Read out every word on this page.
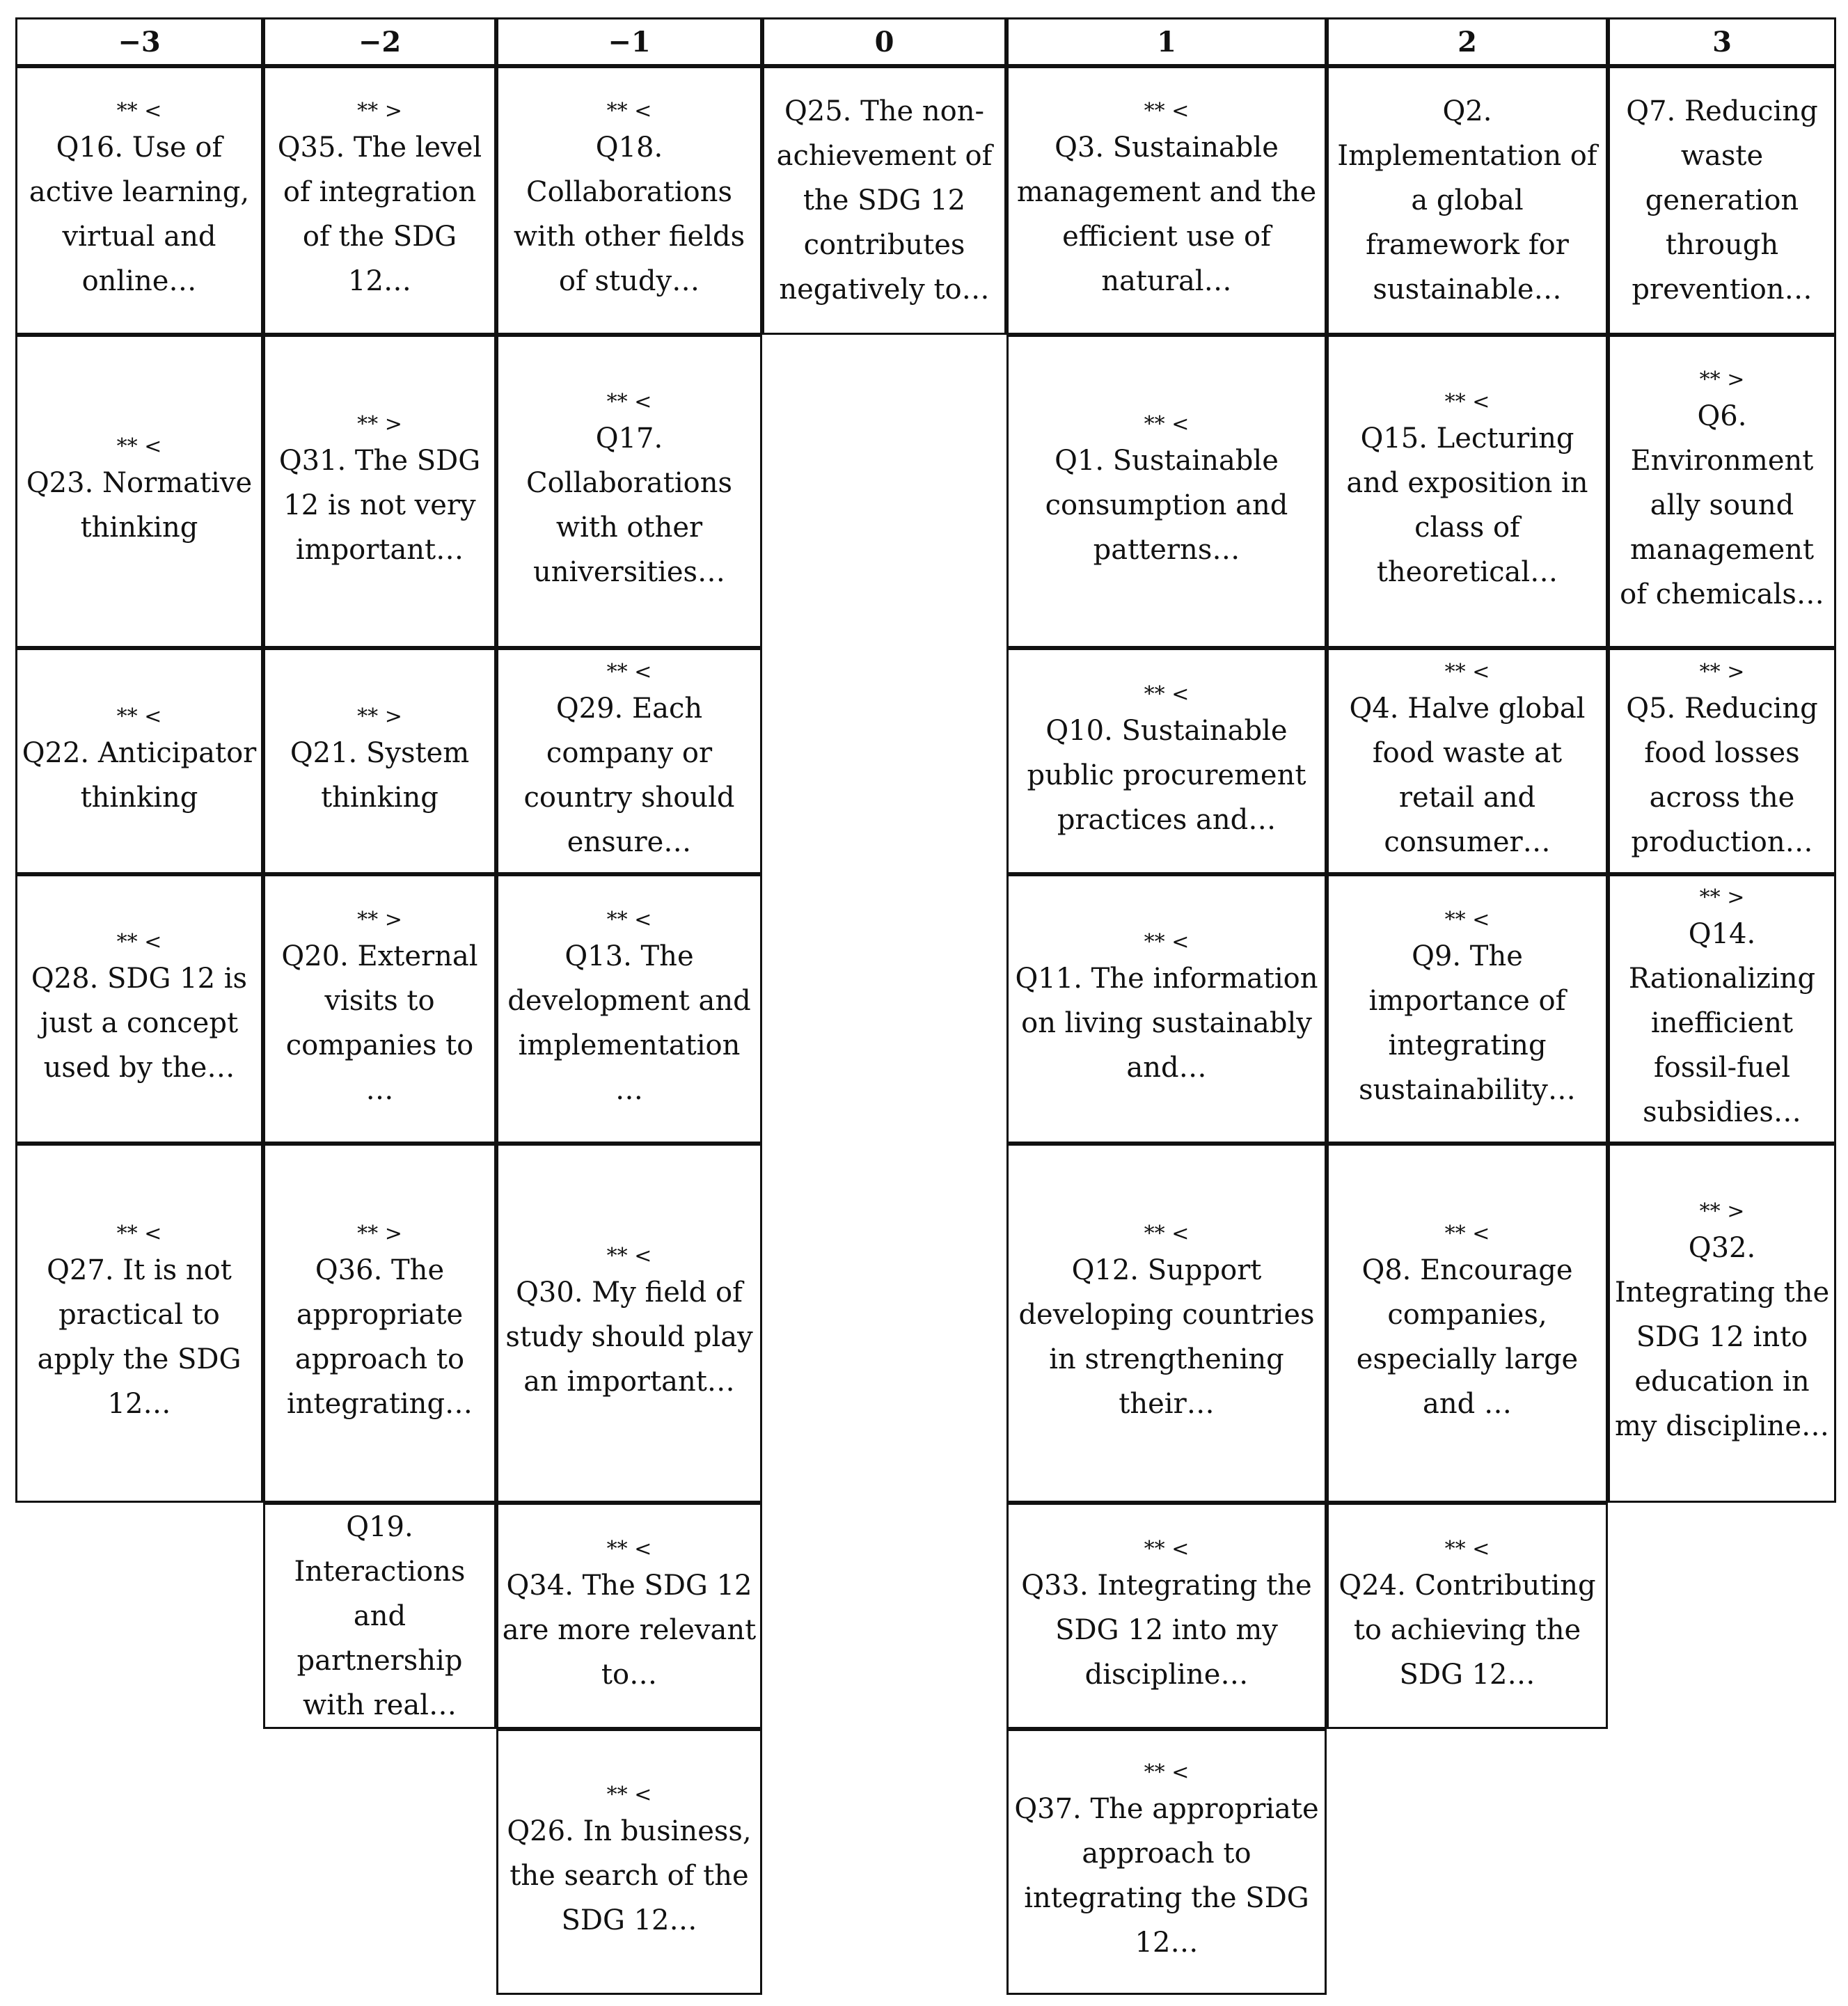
−3
** <
Q16. Use of active learning, virtual and online…
** <
Q23. Normative thinking
** <
Q22. Anticipator thinking
** <
Q28. SDG 12 is just a concept used by the…
** <
Q27. It is not practical to apply the SDG 12…
−2
** >
Q35. The level of integration of the SDG 12…
** >
Q31. The SDG 12 is not very important…
** >
Q21. System thinking
** >
Q20. External visits to companies to …
** >
Q36. The appropriate approach to integrating…
Q19. Interactions and partnership with real…
−1
** <
Q18. Collaborations with other fields of study…
** <
Q17. Collaborations with other universities…
** <
Q29. Each company or country should ensure…
** <
Q13. The development and implementation …
** <
Q30. My field of study should play an important…
** <
Q34. The SDG 12 are more relevant to…
** <
Q26. In business, the search of the SDG 12…
0
Q25. The non-achievement of the SDG 12 contributes negatively to…
1
** <
Q3. Sustainable management and the efficient use of natural…
** <
Q1. Sustainable consumption and patterns…
** <
Q10. Sustainable public procurement practices and…
** <
Q11. The information on living sustainably and…
** <
Q12. Support developing countries in strengthening their…
** <
Q33. Integrating the SDG 12 into my discipline…
** <
Q37. The appropriate approach to integrating the SDG 12…
2
Q2. Implementation of a global framework for sustainable…
** <
Q15. Lecturing and exposition in class of theoretical…
** <
Q4. Halve global food waste at retail and consumer…
** <
Q9. The importance of integrating sustainability…
** <
Q8. Encourage companies, especially large and …
** <
Q24. Contributing to achieving the SDG 12…
3
Q7. Reducing waste generation through prevention…
** >
Q6. Environment ally sound management of chemicals…
** >
Q5. Reducing food losses across the production…
** >
Q14. Rationalizing inefficient fossil-fuel subsidies…
** >
Q32. Integrating the SDG 12 into education in my discipline…
